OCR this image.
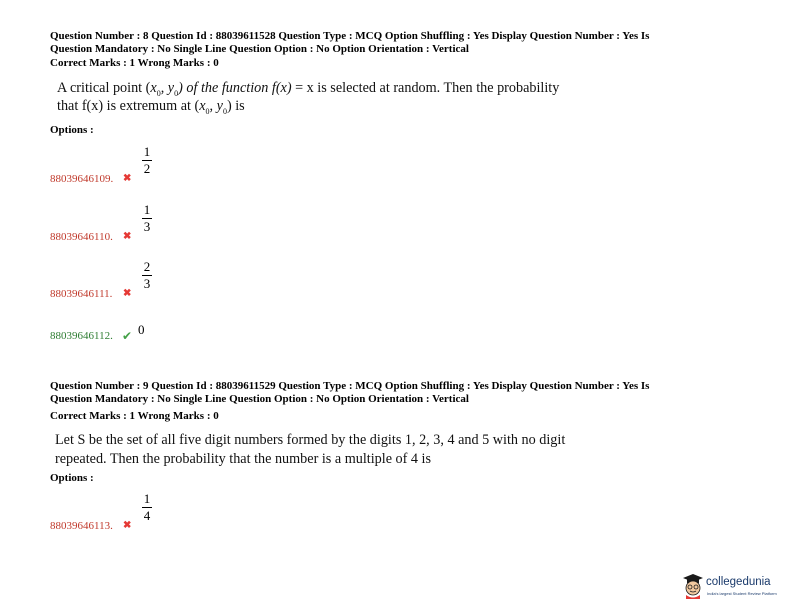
Question Number : 8 Question Id : 88039611528 Question Type : MCQ Option Shuffling : Yes Display Question Number : Yes Is
Question Mandatory : No Single Line Question Option : No Option Orientation : Vertical
Correct Marks : 1 Wrong Marks : 0
A critical point ($x_0$, $y_0$) of the function f(x) = x is selected at random. Then the probability
that f(x) is extremum at ($x_0$, $y_0$) is
Options :
88039646109. ✖
1
2
88039646110. ✖
1
3
88039646111. ✖
2
3
88039646112. ✔ 0
Question Number : 9 Question Id : 88039611529 Question Type : MCQ Option Shuffling : Yes Display Question Number : Yes Is
Question Mandatory : No Single Line Question Option : No Option Orientation : Vertical
Correct Marks : 1 Wrong Marks : 0
Let S be the set of all five digit numbers formed by the digits 1, 2, 3, 4 and 5 with no digit
repeated. Then the probability that the number is a multiple of 4 is
Options :
88039646113. ✖
1
4
collegedunia
India's largest Student Review Platform
